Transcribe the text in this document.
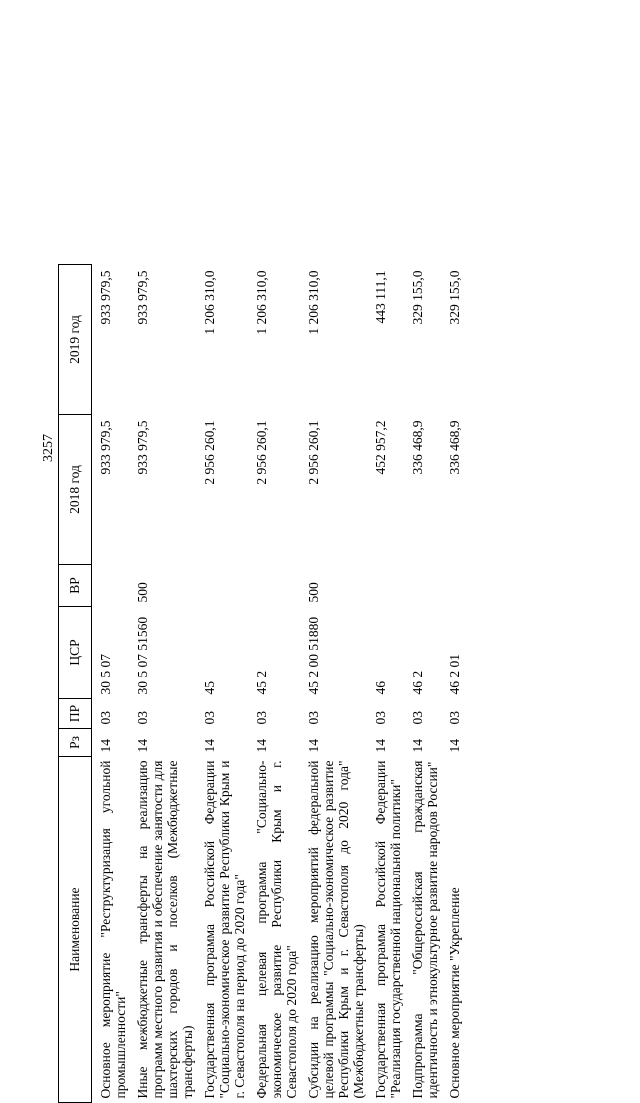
3257
Наименование	Рз	ПР	ЦСР	ВР	2018 год	2019 год
Основное мероприятие "Реструктуризация угольной промышленности"	14	03	30 5 07		933 979,5	933 979,5
Иные межбюджетные трансферты на реализацию программ местного развития и обеспечение занятости для шахтерских городов и поселков (Межбюджетные трансферты)	14	03	30 5 07 51560	500	933 979,5	933 979,5
Государственная программа Российской Федерации "Социально-экономическое развитие Республики Крым и г. Севастополя на период до 2020 года"	14	03	45		2 956 260,1	1 206 310,0
Федеральная целевая программа "Социально-экономическое развитие Республики Крым и г. Севастополя до 2020 года"	14	03	45 2		2 956 260,1	1 206 310,0
Субсидии на реализацию мероприятий федеральной целевой программы "Социально-экономическое развитие Республики Крым и г. Севастополя до 2020 года" (Межбюджетные трансферты)	14	03	45 2 00 51880	500	2 956 260,1	1 206 310,0
Государственная программа Российской Федерации "Реализация государственной национальной политики"	14	03	46		452 957,2	443 111,1
Подпрограмма "Общероссийская гражданская идентичность и этнокультурное развитие народов России"	14	03	46 2		336 468,9	329 155,0
Основное мероприятие "Укрепление	14	03	46 2 01		336 468,9	329 155,0
